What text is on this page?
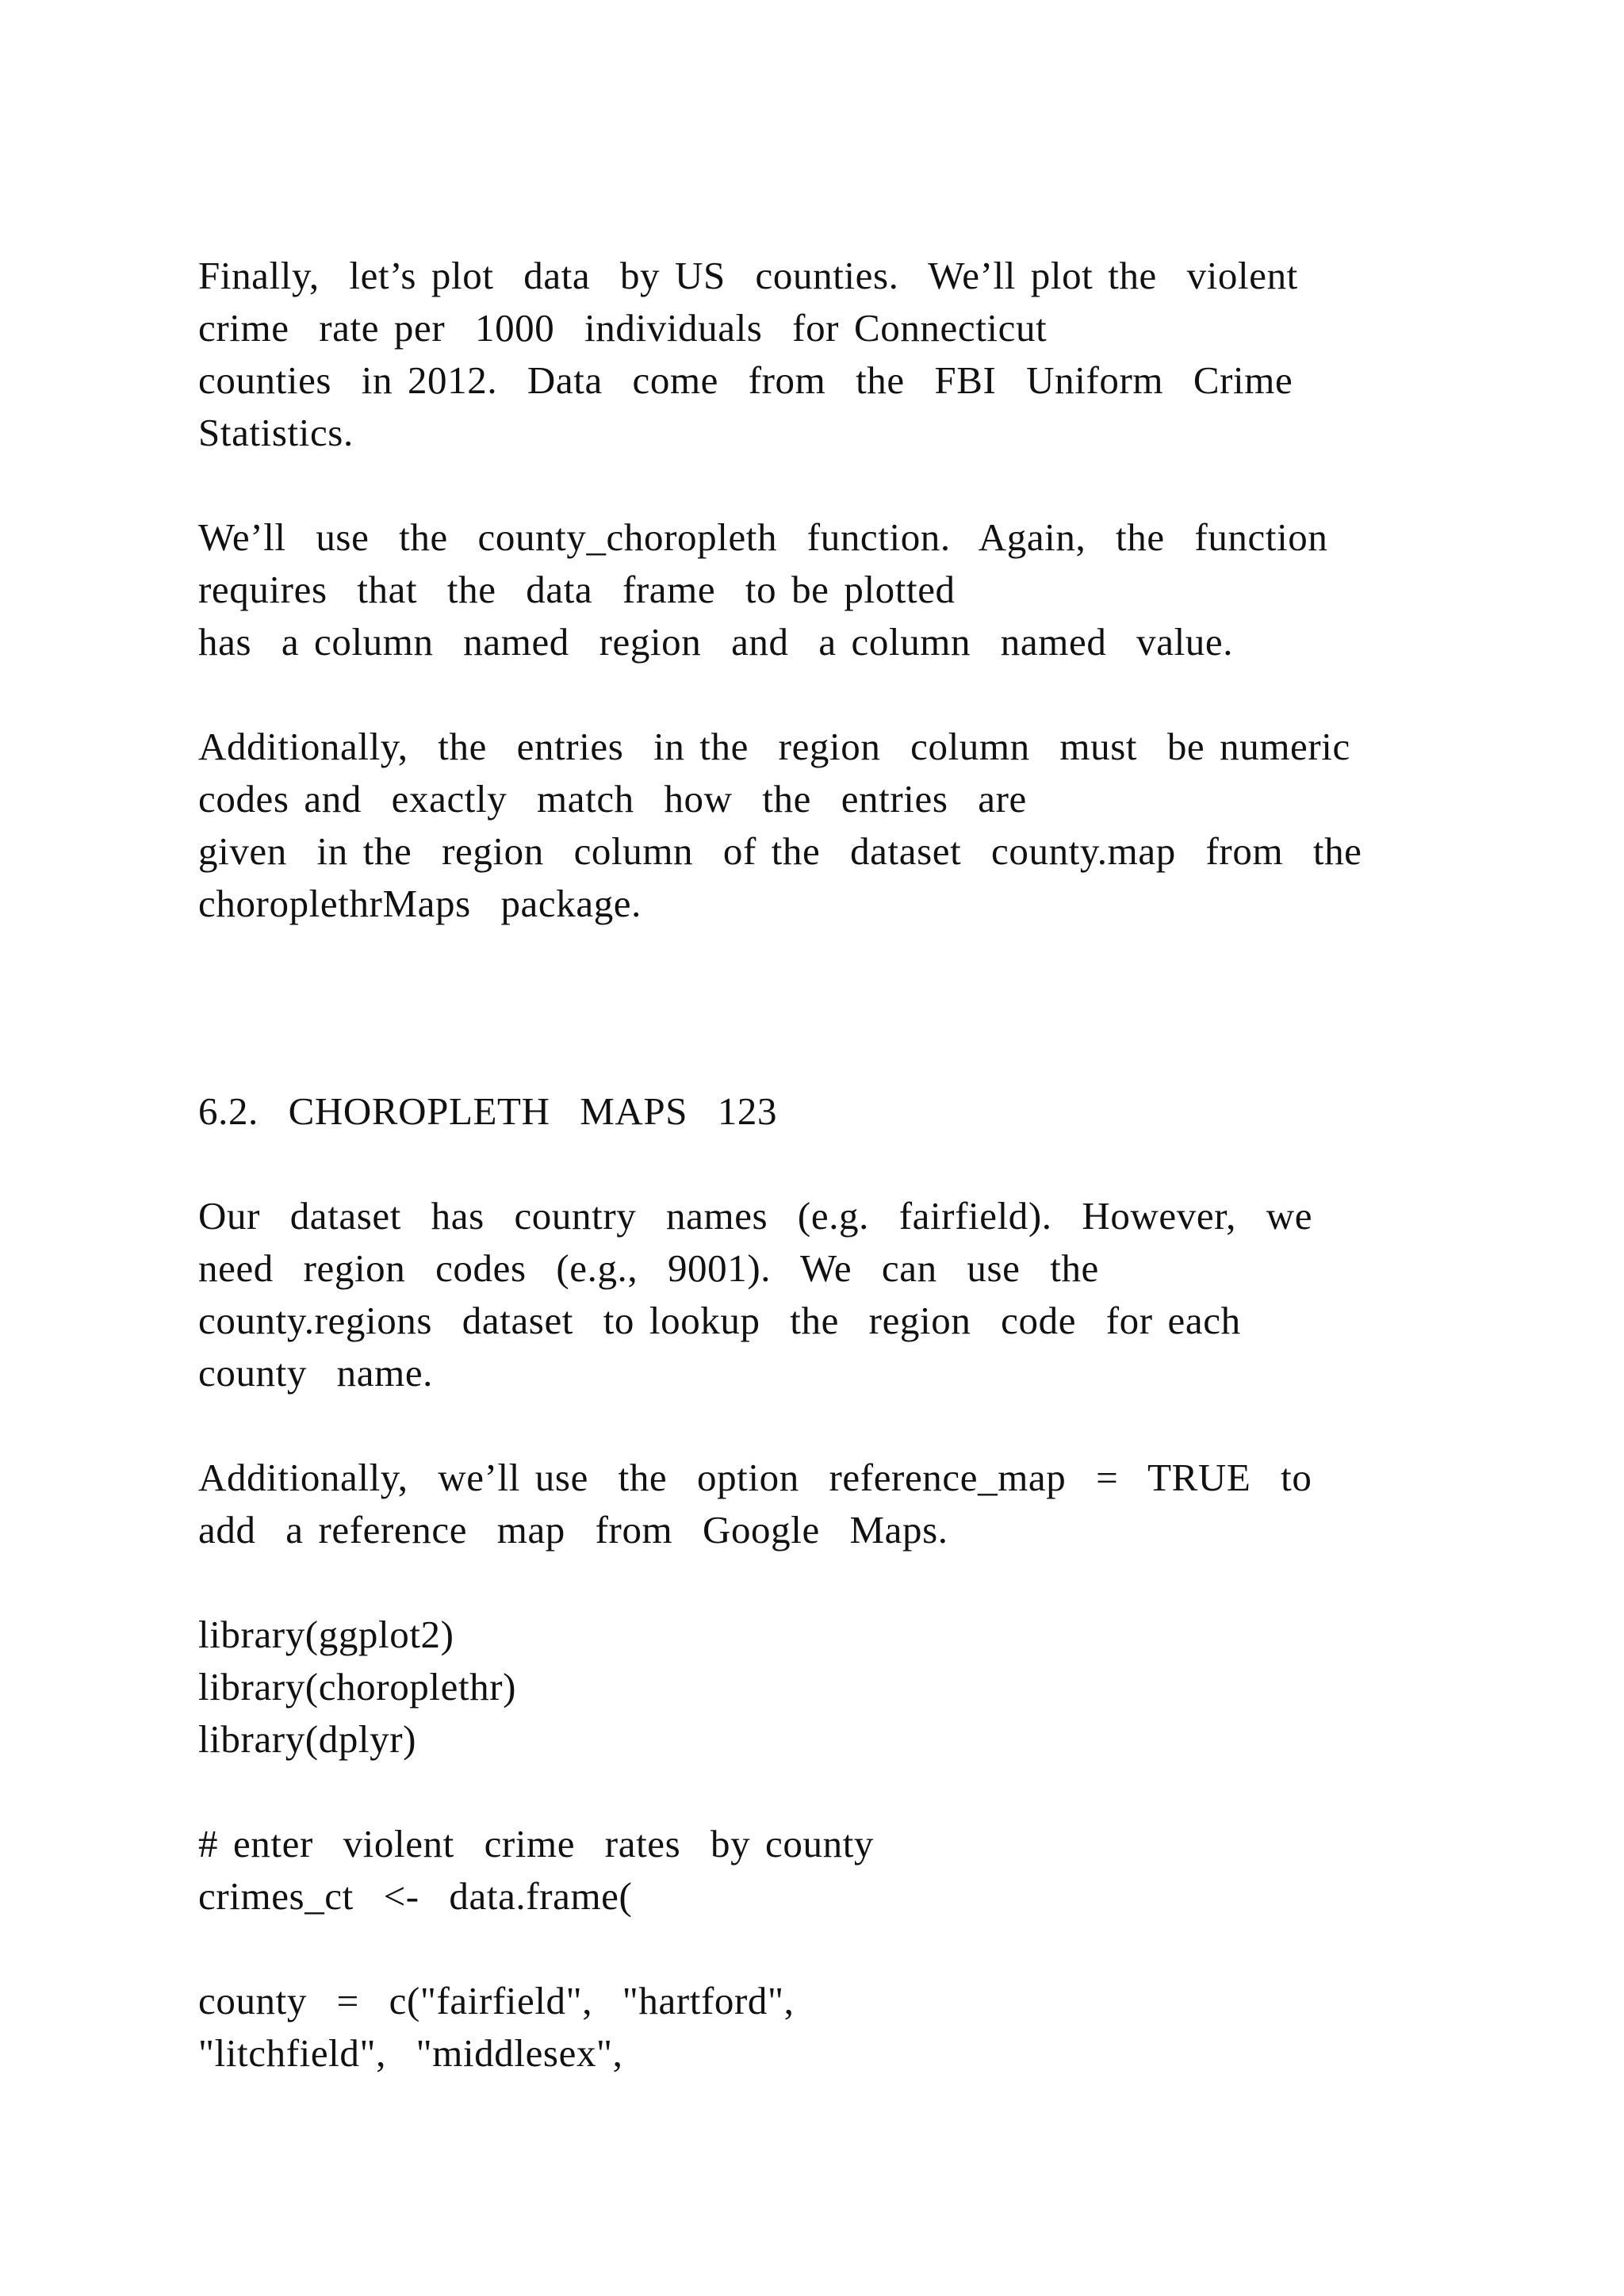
Finally,  let’s plot  data  by US  counties.  We’ll plot the  violent

crime  rate per  1000  individuals  for Connecticut

counties  in 2012.  Data  come  from  the  FBI  Uniform  Crime

Statistics.

We’ll  use  the  county_choropleth  function.  Again,  the  function

requires  that  the  data  frame  to be plotted

has  a column  named  region  and  a column  named  value.

Additionally,  the  entries  in the  region  column  must  be numeric

codes and  exactly  match  how  the  entries  are

given  in the  region  column  of the  dataset  county.map  from  the

choroplethrMaps  package.

6.2.  CHOROPLETH  MAPS  123

Our  dataset  has  country  names  (e.g.  fairfield).  However,  we

need  region  codes  (e.g.,  9001).  We  can  use  the

county.regions  dataset  to lookup  the  region  code  for each

county  name.

Additionally,  we’ll use  the  option  reference_map  =  TRUE  to

add  a reference  map  from  Google  Maps.

library(ggplot2)

library(choroplethr)

library(dplyr)

# enter  violent  crime  rates  by county

crimes_ct  <-  data.frame(

county  =  c("fairfield",  "hartford",

"litchfield",  "middlesex",
